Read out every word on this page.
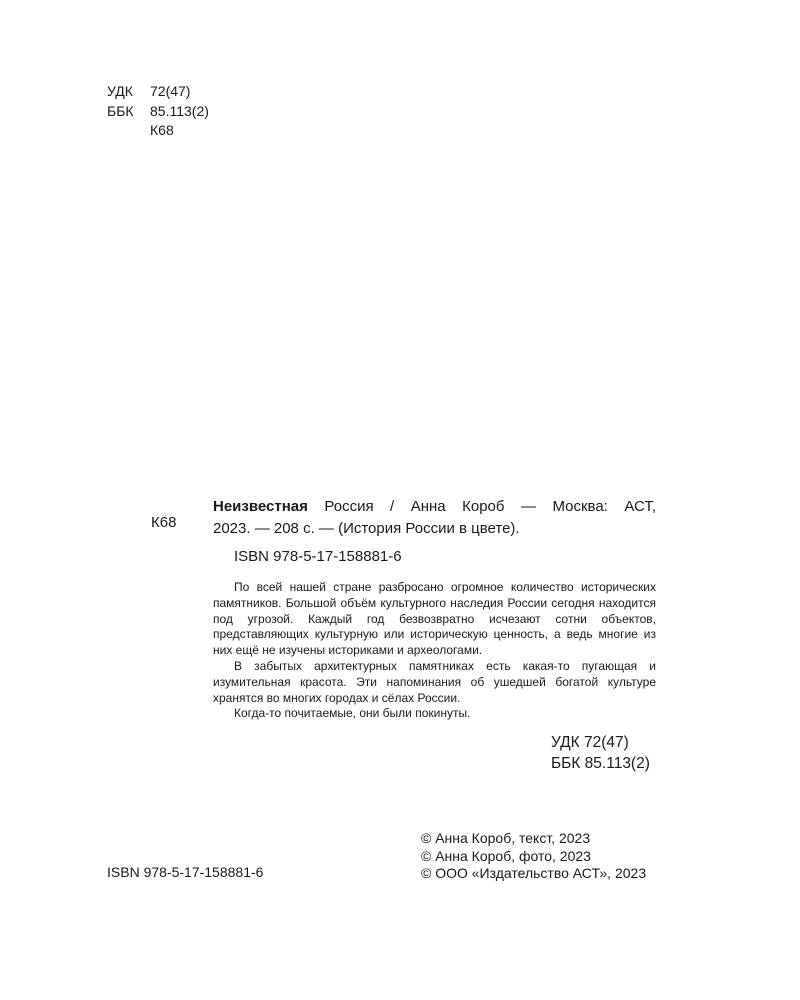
УДК	72(47)
ББК	85.113(2)
К68
К68
Неизвестная Россия / Анна Короб — Москва: АСТ,
2023. — 208 с. — (История России в цвете).
ISBN 978-5-17-158881-6

По всей нашей стране разбросано огромное количество исторических памятников. Большой объём культурного наследия России сегодня находится под угрозой. Каждый год безвозвратно исчезают сотни объектов, представляющих культурную или историческую ценность, а ведь многие из них ещё не изучены историками и археологами.

В забытых архитектурных памятниках есть какая-то пугающая и изумительная красота. Эти напоминания об ушедшей богатой культуре хранятся во многих городах и сёлах России.

Когда-то почитаемые, они были покинуты.

УДК 72(47)
ББК 85.113(2)
© Анна Короб, текст, 2023
© Анна Короб, фото, 2023
© ООО «Издательство АСТ», 2023
ISBN 978-5-17-158881-6
